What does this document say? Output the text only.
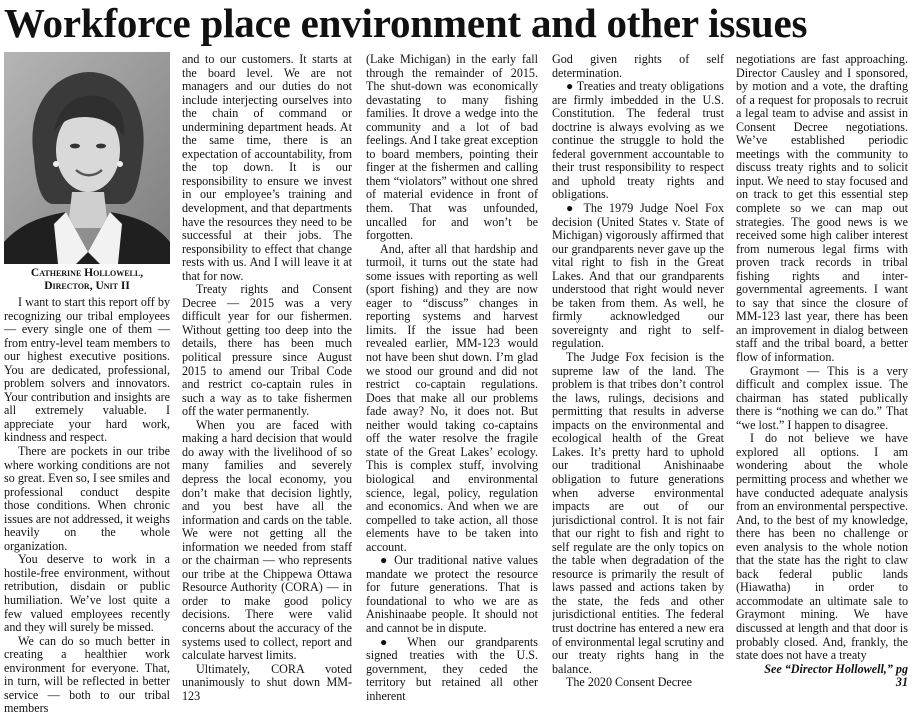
Workforce place environment and other issues
Catherine Hollowell,
Director, Unit II

I want to start this report off by recognizing our tribal employees — every single one of them — from entry-level team members to our highest executive positions. You are dedicated, professional, problem solvers and innovators. Your contribution and insights are all extremely valuable. I appreciate your hard work, kindness and respect.

There are pockets in our tribe where working conditions are not so great. Even so, I see smiles and professional conduct despite those conditions. When chronic issues are not addressed, it weighs heavily on the whole organization.

You deserve to work in a hostile-free environment, without retribution, disdain or public humiliation. We’ve lost quite a few valued employees recently and they will surely be missed.

We can do so much better in creating a healthier work environment for everyone. That, in turn, will be reflected in better service — both to our tribal members

and to our customers. It starts at the board level. We are not managers and our duties do not include interjecting ourselves into the chain of command or undermining department heads. At the same time, there is an expectation of accountability, from the top down. It is our responsibility to ensure we invest in our employee’s training and development, and that departments have the resources they need to be successful at their jobs. The responsibility to effect that change rests with us. And I will leave it at that for now.

Treaty rights and Consent Decree — 2015 was a very difficult year for our fishermen. Without getting too deep into the details, there has been much political pressure since August 2015 to amend our Tribal Code and restrict co-captain rules in such a way as to take fishermen off the water permanently.

When you are faced with making a hard decision that would do away with the livelihood of so many families and severely depress the local economy, you don’t make that decision lightly, and you best have all the information and cards on the table. We were not getting all the information we needed from staff or the chairman — who represents our tribe at the Chippewa Ottawa Resource Authority (CORA) — in order to make good policy decisions. There were valid concerns about the accuracy of the systems used to collect, report and calculate harvest limits.

Ultimately, CORA voted unanimously to shut down MM-123

(Lake Michigan) in the early fall through the remainder of 2015. The shut-down was economically devastating to many fishing families. It drove a wedge into the community and a lot of bad feelings. And I take great exception to board members, pointing their finger at the fishermen and calling them “violators” without one shred of material evidence in front of them. That was unfounded, uncalled for and won’t be forgotten.

And, after all that hardship and turmoil, it turns out the state had some issues with reporting as well (sport fishing) and they are now eager to “discuss” changes in reporting systems and harvest limits. If the issue had been revealed earlier, MM-123 would not have been shut down. I’m glad we stood our ground and did not restrict co-captain regulations. Does that make all our problems fade away? No, it does not. But neither would taking co-captains off the water resolve the fragile state of the Great Lakes’ ecology. This is complex stuff, involving biological and environmental science, legal, policy, regulation and economics. And when we are compelled to take action, all those elements have to be taken into account.

● Our traditional native values mandate we protect the resource for future generations. That is foundational to who we are as Anishinaabe people. It should not and cannot be in dispute.

● When our grandparents signed treaties with the U.S. government, they ceded the territory but retained all other inherent

God given rights of self determination.

● Treaties and treaty obligations are firmly imbedded in the U.S. Constitution. The federal trust doctrine is always evolving as we continue the struggle to hold the federal government accountable to their trust responsibility to respect and uphold treaty rights and obligations.

● The 1979 Judge Noel Fox decision (United States v. State of Michigan) vigorously affirmed that our grandparents never gave up the vital right to fish in the Great Lakes. And that our grandparents understood that right would never be taken from them. As well, he firmly acknowledged our sovereignty and right to self-regulation.

The Judge Fox fecision is the supreme law of the land. The problem is that tribes don’t control the laws, rulings, decisions and permitting that results in adverse impacts on the environmental and ecological health of the Great Lakes. It’s pretty hard to uphold our traditional Anishinaabe obligation to future generations when adverse environmental impacts are out of our jurisdictional control. It is not fair that our right to fish and right to self regulate are the only topics on the table when degradation of the resource is primarily the result of laws passed and actions taken by the state, the feds and other jurisdictional entities. The federal trust doctrine has entered a new era of environmental legal scrutiny and our treaty rights hang in the balance.

The 2020 Consent Decree

negotiations are fast approaching. Director Causley and I sponsored, by motion and a vote, the drafting of a request for proposals to recruit a legal team to advise and assist in Consent Decree negotiations. We’ve established periodic meetings with the community to discuss treaty rights and to solicit input. We need to stay focused and on track to get this essential step complete so we can map out strategies. The good news is we received some high caliber interest from numerous legal firms with proven track records in tribal fishing rights and inter-governmental agreements. I want to say that since the closure of MM-123 last year, there has been an improvement in dialog between staff and the tribal board, a better flow of information.

Graymont — This is a very difficult and complex issue. The chairman has stated publically there is “nothing we can do.” That “we lost.” I happen to disagree.

I do not believe we have explored all options. I am wondering about the whole permitting process and whether we have conducted adequate analysis from an environmental perspective. And, to the best of my knowledge, there has been no challenge or even analysis to the whole notion that the state has the right to claw back federal public lands (Hiawatha) in order to accommodate an ultimate sale to Graymont mining. We have discussed at length and that door is probably closed. And, frankly, the state does not have a treaty

See “Director Hollowell,” pg 31
